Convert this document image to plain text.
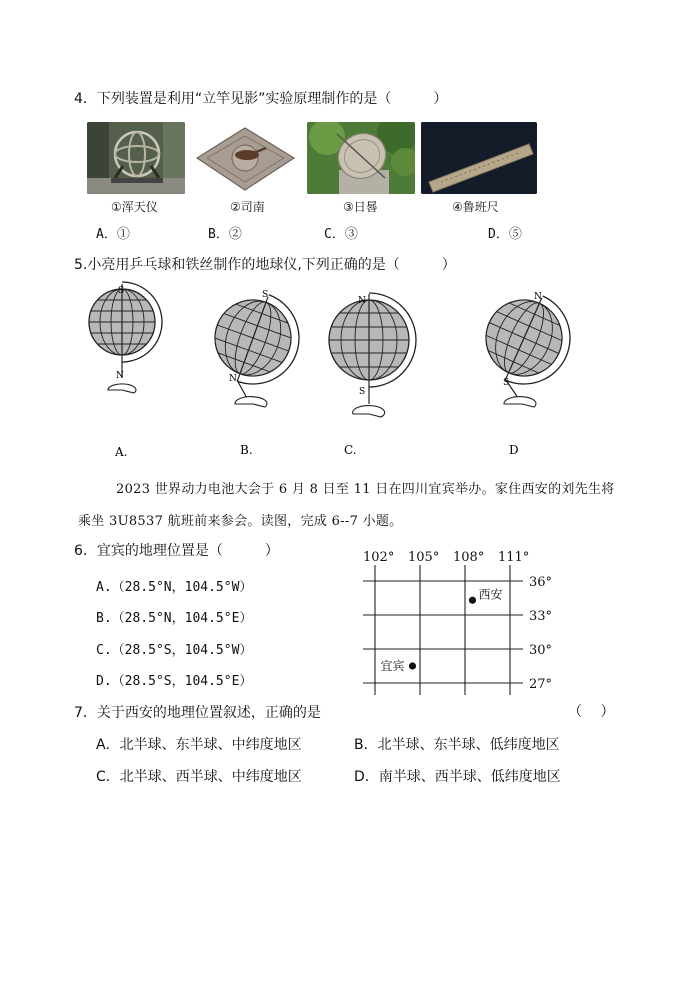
4．下列装置是利用“立竿见影”实验原理制作的是（　　　）
①浑天仪	②司南	③日晷	④鲁班尺
A．①	B．②	C．③	D．⑤
5.小亮用乒乓球和铁丝制作的地球仪,下列正确的是（　　　）
S
N
A.
S
N
B.
N
S
C.
N
S
D
2023 世界动力电池大会于 6 月 8 日至 11 日在四川宜宾举办。家住西安的刘先生将
乘坐 3U8537 航班前来参会。读图，完成 6--7 小题。
6．宜宾的地理位置是（　　　）
A.（28.5°N，104.5°W）
B.（28.5°N，104.5°E）
C.（28.5°S，104.5°W）
D.（28.5°S，104.5°E）
102° 105° 108° 111°
36°
33°
30°
27°
西安
宜宾
7．关于西安的地理位置叙述，正确的是	（　 ）
A．北半球、东半球、中纬度地区	B．北半球、东半球、低纬度地区
C．北半球、西半球、中纬度地区	D．南半球、西半球、低纬度地区
